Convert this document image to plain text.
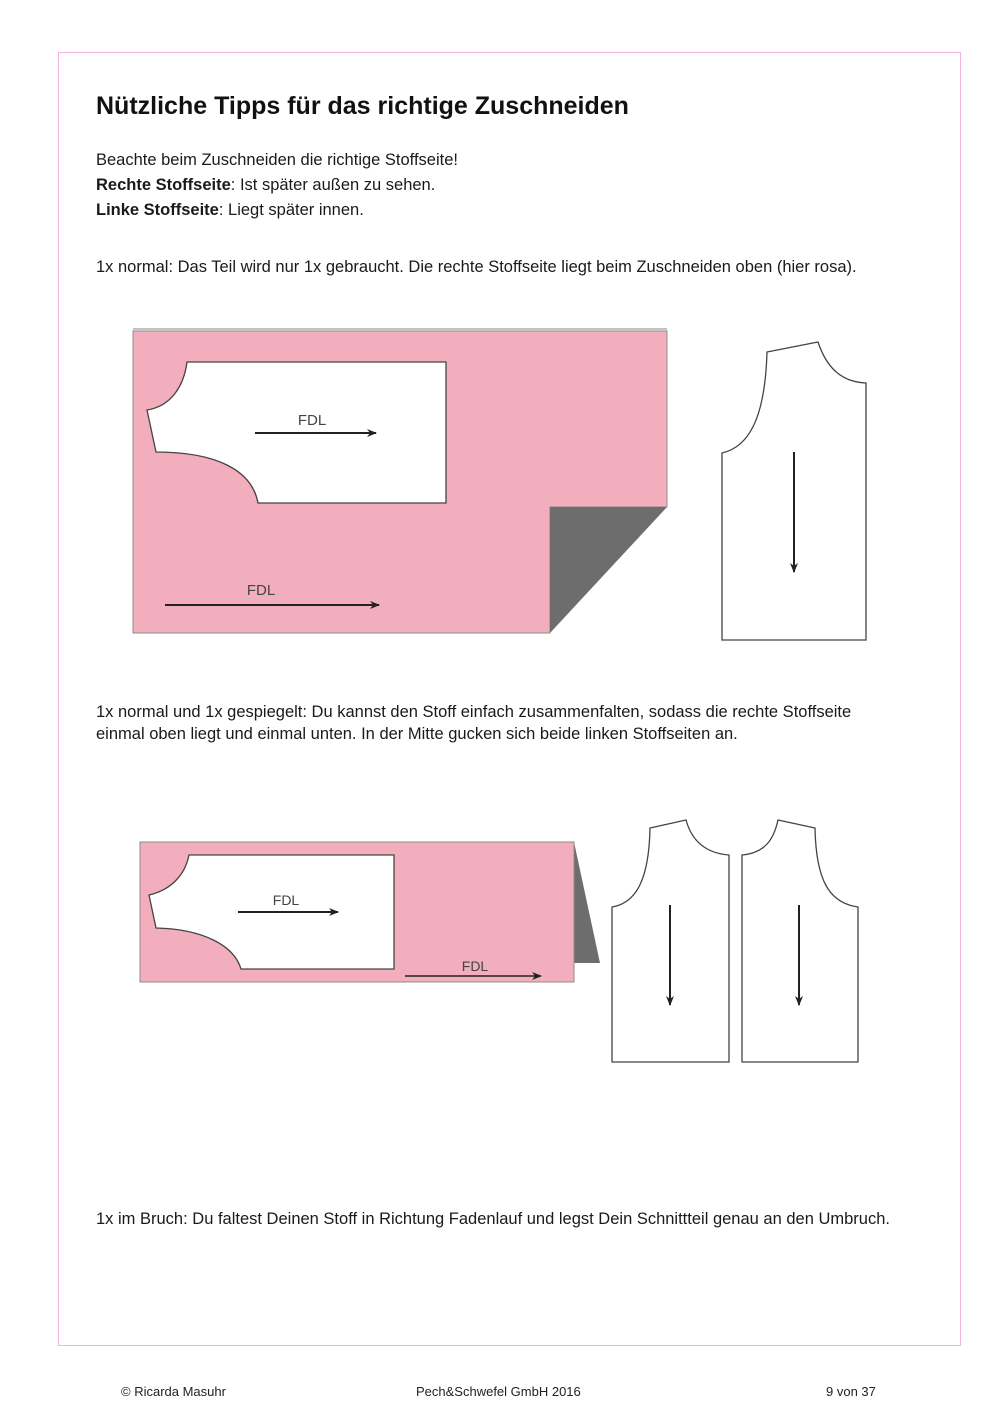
Nützliche Tipps für das richtige Zuschneiden

Beachte beim Zuschneiden die richtige Stoffseite!

Rechte Stoffseite: Ist später außen zu sehen.

Linke Stoffseite: Liegt später innen.

1x normal: Das Teil wird nur 1x gebraucht. Die rechte Stoffseite liegt beim Zuschneiden oben (hier rosa).

1x normal und 1x gespiegelt: Du kannst den Stoff einfach zusammenfalten, sodass die rechte Stoffseite einmal oben liegt und einmal unten. In der Mitte gucken sich beide linken Stoffseiten an.

1x im Bruch: Du faltest Deinen Stoff in Richtung Fadenlauf und legst Dein Schnittteil genau an den Umbruch.

FDL
FDL
FDL
FDL
© Ricarda Masuhr	Pech&Schwefel GmbH 2016	9 von 37
